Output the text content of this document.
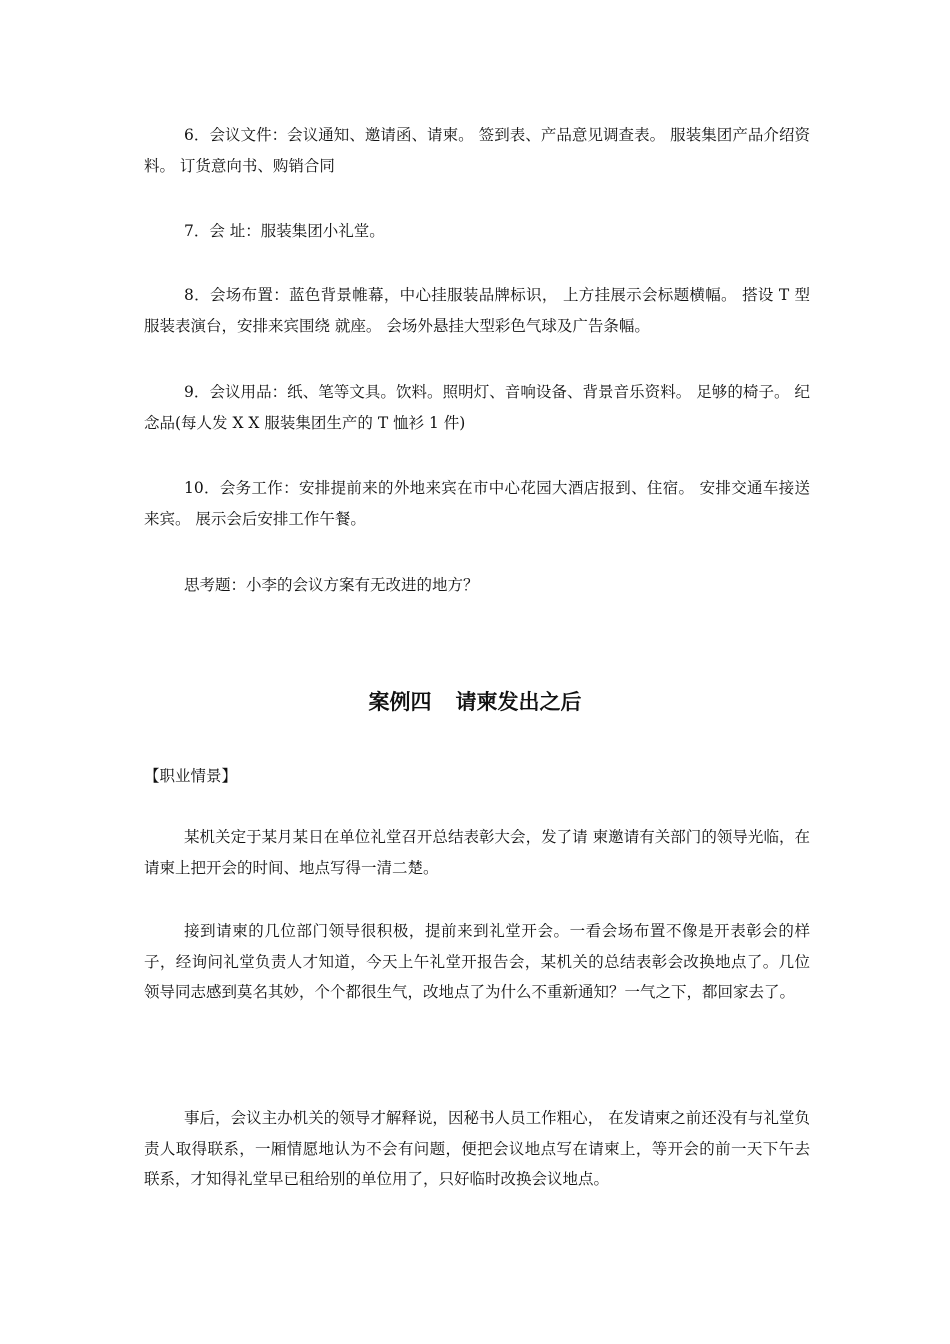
6．会议文件：会议通知、邀请函、请柬。 签到表、产品意见调查表。 服装集团产品介绍资料。 订货意向书、购销合同

7．会 址：服装集团小礼堂。

8．会场布置：蓝色背景帷幕，中心挂服装品牌标识， 上方挂展示会标题横幅。 搭设 T 型服装表演台，安排来宾围绕 就座。 会场外悬挂大型彩色气球及广告条幅。

9．会议用品：纸、笔等文具。饮料。照明灯、音响设备、背景音乐资料。 足够的椅子。 纪念品(每人发 X X 服装集团生产的 T 恤衫 1 件)

10．会务工作：安排提前来的外地来宾在市中心花园大酒店报到、住宿。 安排交通车接送来宾。 展示会后安排工作午餐。

思考题：小李的会议方案有无改进的地方？

案例四 请柬发出之后

【职业情景】

某机关定于某月某日在单位礼堂召开总结表彰大会，发了请 柬邀请有关部门的领导光临，在请柬上把开会的时间、地点写得一清二楚。

接到请柬的几位部门领导很积极，提前来到礼堂开会。一看会场布置不像是开表彰会的样子，经询问礼堂负责人才知道，今天上午礼堂开报告会，某机关的总结表彰会改换地点了。几位领导同志感到莫名其妙，个个都很生气，改地点了为什么不重新通知？一气之下，都回家去了。

事后，会议主办机关的领导才解释说，因秘书人员工作粗心， 在发请柬之前还没有与礼堂负责人取得联系，一厢情愿地认为不会有问题，便把会议地点写在请柬上，等开会的前一天下午去联系，才知得礼堂早已租给别的单位用了，只好临时改换会议地点。
